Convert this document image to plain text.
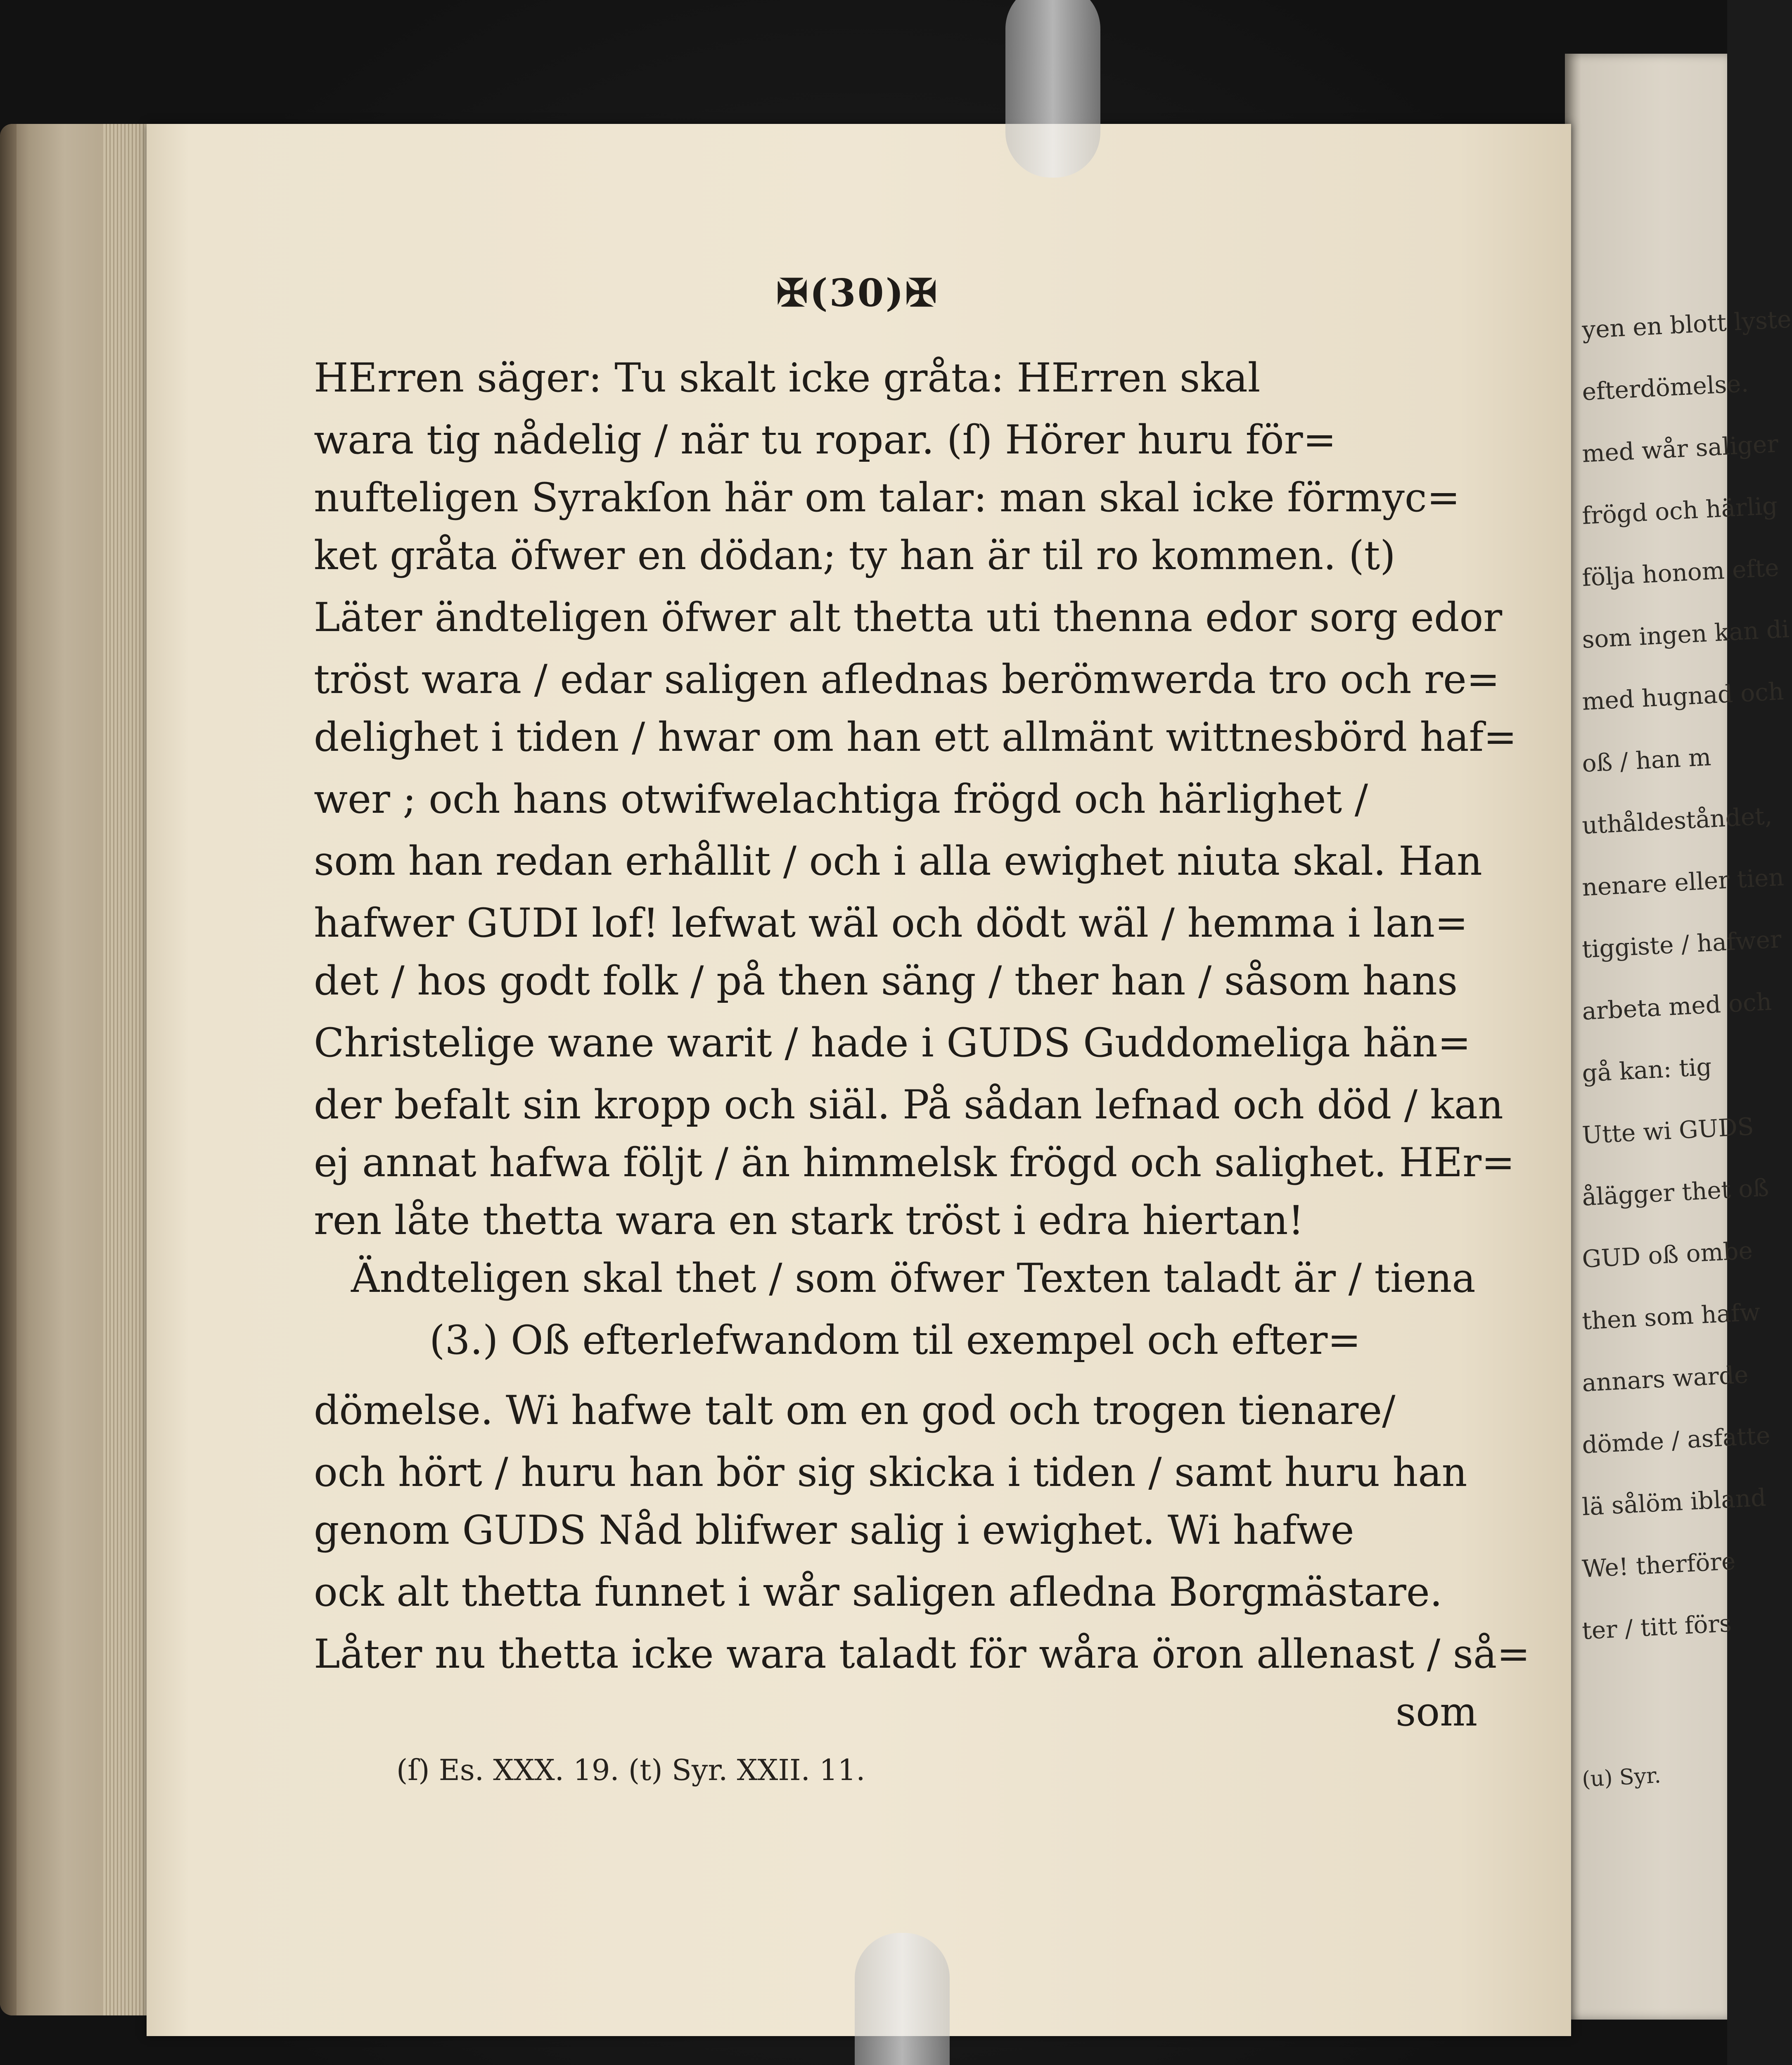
yen en blott lyste
efterdömelse.
med wår saliger
frögd och härlig
följa honom efte
som ingen kan di
med hugnad och
oß / han m
uthåldeståndet,
nenare eller tien
tiggiste / hafwer
arbeta med och
gå kan: tig
Utte wi GUDS
ålägger thet oß
GUD oß ombe
then som hafw
annars warde
dömde / asfatte
lä sålöm ibland
We! therföre
ter / titt förs
(u) Syr.
✠(30)✠
HErren säger: Tu skalt icke gråta: HErren skal
wara tig nådelig / när tu ropar. (ſ) Hörer huru för=
nufteligen Syrakſon här om talar: man skal icke förmyc=
ket gråta öfwer en dödan; ty han är til ro kommen. (t)
Läter ändteligen öfwer alt thetta uti thenna edor sorg edor
tröst wara / edar saligen aflednas berömwerda tro och re=
delighet i tiden / hwar om han ett allmänt wittnesbörd haf=
wer ; och hans otwifwelachtiga frögd och härlighet /
som han redan erhållit / och i alla ewighet niuta skal. Han
hafwer GUDI lof! lefwat wäl och dödt wäl / hemma i lan=
det / hos godt folk / på then säng / ther han / såsom hans
Christelige wane warit / hade i GUDS Guddomeliga hän=
der befalt sin kropp och siäl. På sådan lefnad och död / kan
ej annat hafwa följt / än himmelsk frögd och salighet. HEr=
ren låte thetta wara en stark tröst i edra hiertan!
Ändteligen skal thet / som öfwer Texten taladt är / tiena
(3.) Oß efterlefwandom til exempel och efter=
dömelse. Wi hafwe talt om en god och trogen tienare/
och hört / huru han bör sig skicka i tiden / samt huru han
genom GUDS Nåd blifwer salig i ewighet. Wi hafwe
ock alt thetta funnet i wår saligen afledna Borgmästare.
Låter nu thetta icke wara taladt för wåra öron allenast / så=
som
(ſ) Es. XXX. 19. (t) Syr. XXII. 11.
